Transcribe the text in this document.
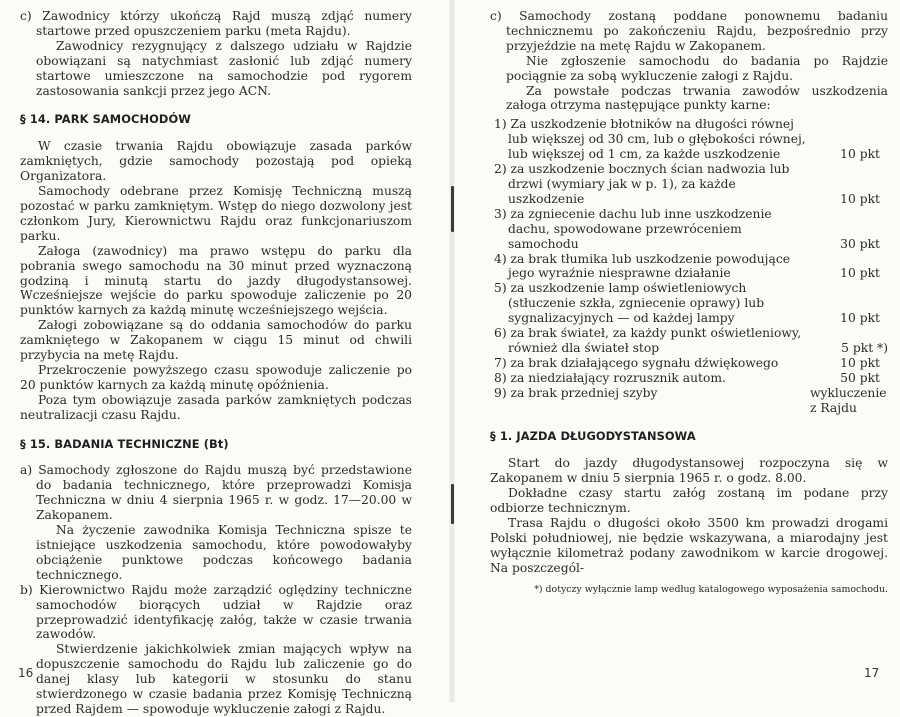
c) Zawodnicy którzy ukończą Rajd muszą zdjąć numery startowe przed opuszczeniem parku (meta Rajdu).

Zawodnicy rezygnujący z dalszego udziału w Rajdzie obowiązani są natychmiast zasłonić lub zdjąć numery startowe umieszczone na samochodzie pod rygorem zastosowania sankcji przez jego ACN.

§ 14. PARK SAMOCHODÓW

W czasie trwania Rajdu obowiązuje zasada parków zamkniętych, gdzie samochody pozostają pod opieką Organizatora.

Samochody odebrane przez Komisję Techniczną muszą pozostać w parku zamkniętym. Wstęp do niego dozwolony jest członkom Jury, Kierownictwu Rajdu oraz funkcjonariuszom parku.

Załoga (zawodnicy) ma prawo wstępu do parku dla pobrania swego samochodu na 30 minut przed wyznaczoną godziną i minutą startu do jazdy długodystansowej. Wcześniejsze wejście do parku spowoduje zaliczenie po 20 punktów karnych za każdą minutę wcześniejszego wejścia.

Załogi zobowiązane są do oddania samochodów do parku zamkniętego w Zakopanem w ciągu 15 minut od chwili przybycia na metę Rajdu.

Przekroczenie powyższego czasu spowoduje zaliczenie po 20 punktów karnych za każdą minutę opóźnienia.

Poza tym obowiązuje zasada parków zamkniętych podczas neutralizacji czasu Rajdu.

§ 15. BADANIA TECHNICZNE (Bt)

a) Samochody zgłoszone do Rajdu muszą być przedstawione do badania technicznego, które przeprowadzi Komisja Techniczna w dniu 4 sierpnia 1965 r. w godz. 17—20.00 w Zakopanem.

Na życzenie zawodnika Komisja Techniczna spisze te istniejące uszkodzenia samochodu, które powodowałyby obciążenie punktowe podczas końcowego badania technicznego.

b) Kierownictwo Rajdu może zarządzić oględziny techniczne samochodów biorących udział w Rajdzie oraz przeprowadzić identyfikację załóg, także w czasie trwania zawodów.

Stwierdzenie jakichkolwiek zmian mających wpływ na dopuszczenie samochodu do Rajdu lub zaliczenie go do danej klasy lub kategorii w stosunku do stanu stwierdzonego w czasie badania przez Komisję Techniczną przed Rajdem — spowoduje wykluczenie załogi z Rajdu.

16

c) Samochody zostaną poddane ponownemu badaniu technicznemu po zakończeniu Rajdu, bezpośrednio przy przyjeździe na metę Rajdu w Zakopanem.

Nie zgłoszenie samochodu do badania po Rajdzie pociągnie za sobą wykluczenie załogi z Rajdu.

Za powstałe podczas trwania zawodów uszkodzenia załoga otrzyma następujące punkty karne:

1) Za uszkodzenie błotników na długości równej lub większej od 30 cm, lub o głębokości równej, lub większej od 1 cm, za każde uszkodzenie	10 pkt
2) za uszkodzenie bocznych ścian nadwozia lub drzwi (wymiary jak w p. 1), za każde uszkodzenie	10 pkt
3) za zgniecenie dachu lub inne uszkodzenie dachu, spowodowane przewróceniem samochodu	30 pkt
4) za brak tłumika lub uszkodzenie powodujące jego wyraźnie niesprawne działanie	10 pkt
5) za uszkodzenie lamp oświetleniowych (stłuczenie szkła, zgniecenie oprawy) lub sygnalizacyjnych — od każdej lampy	10 pkt
6) za brak świateł, za każdy punkt oświetleniowy, również dla świateł stop	5 pkt *)
7) za brak działającego sygnału dźwiękowego	10 pkt
8) za niedziałający rozrusznik autom.	50 pkt
9) za brak przedniej szyby	wykluczenie z Rajdu
§ 1. JAZDA DŁUGODYSTANSOWA

Start do jazdy długodystansowej rozpoczyna się w Zakopanem w dniu 5 sierpnia 1965 r. o godz. 8.00.

Dokładne czasy startu załóg zostaną im podane przy odbiorze technicznym.

Trasa Rajdu o długości około 3500 km prowadzi drogami Polski południowej, nie będzie wskazywana, a miarodajny jest wyłącznie kilometraż podany zawodnikom w karcie drogowej. Na poszczegól-

*) dotyczy wyłącznie lamp według katalogowego wyposażenia samochodu.

17
